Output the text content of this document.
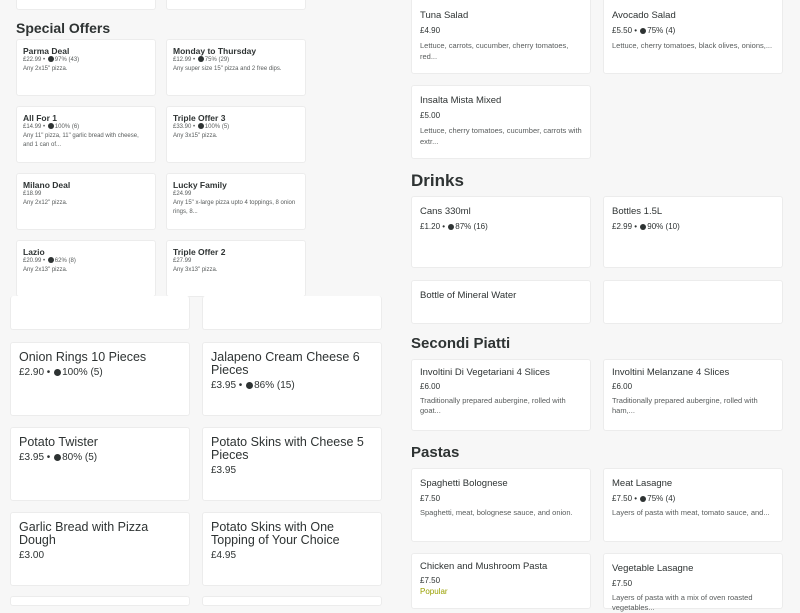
Special Offers
Parma Deal
£22.99 • 97% (43)
Any 2x15" pizza.
Monday to Thursday
£12.99 • 75% (29)
Any super size 15" pizza and 2 free dips.
All For 1
£14.99 • 100% (6)
Any 11" pizza, 11" garlic bread with cheese, and 1 can of...
Triple Offer 3
£33.90 • 100% (5)
Any 3x15" pizza.
Milano Deal
£18.99
Any 2x12" pizza.
Lucky Family
£24.99
Any 15" x-large pizza upto 4 toppings, 8 onion rings, 8...
Lazio
£20.99 • 62% (8)
Any 2x13" pizza.
Triple Offer 2
£27.99
Any 3x13" pizza.
Onion Rings 10 Pieces
£2.90 • 100% (5)
Jalapeno Cream Cheese 6 Pieces
£3.95 • 86% (15)
Potato Twister
£3.95 • 80% (5)
Potato Skins with Cheese 5 Pieces
£3.95
Garlic Bread with Pizza Dough
£3.00
Potato Skins with One Topping of Your Choice
£4.95
Tuna Salad
£4.90
Lettuce, carrots, cucumber, cherry tomatoes, red...
Avocado Salad
£5.50 • 75% (4)
Lettuce, cherry tomatoes, black olives, onions,...
Insalta Mista Mixed
£5.00
Lettuce, cherry tomatoes, cucumber, carrots with extr...
Drinks
Cans 330ml
£1.20 • 87% (16)
Bottles 1.5L
£2.99 • 90% (10)
Bottle of Mineral Water
Secondi Piatti
Involtini Di Vegetariani 4 Slices
£6.00
Traditionally prepared aubergine, rolled with goat...
Involtini Melanzane 4 Slices
£6.00
Traditionally prepared aubergine, rolled with ham,...
Pastas
Spaghetti Bolognese
£7.50
Spaghetti, meat, bolognese sauce, and onion.
Meat Lasagne
£7.50 • 75% (4)
Layers of pasta with meat, tomato sauce, and...
Chicken and Mushroom Pasta
£7.50
Popular
Vegetable Lasagne
£7.50
Layers of pasta with a mix of oven roasted vegetables...
